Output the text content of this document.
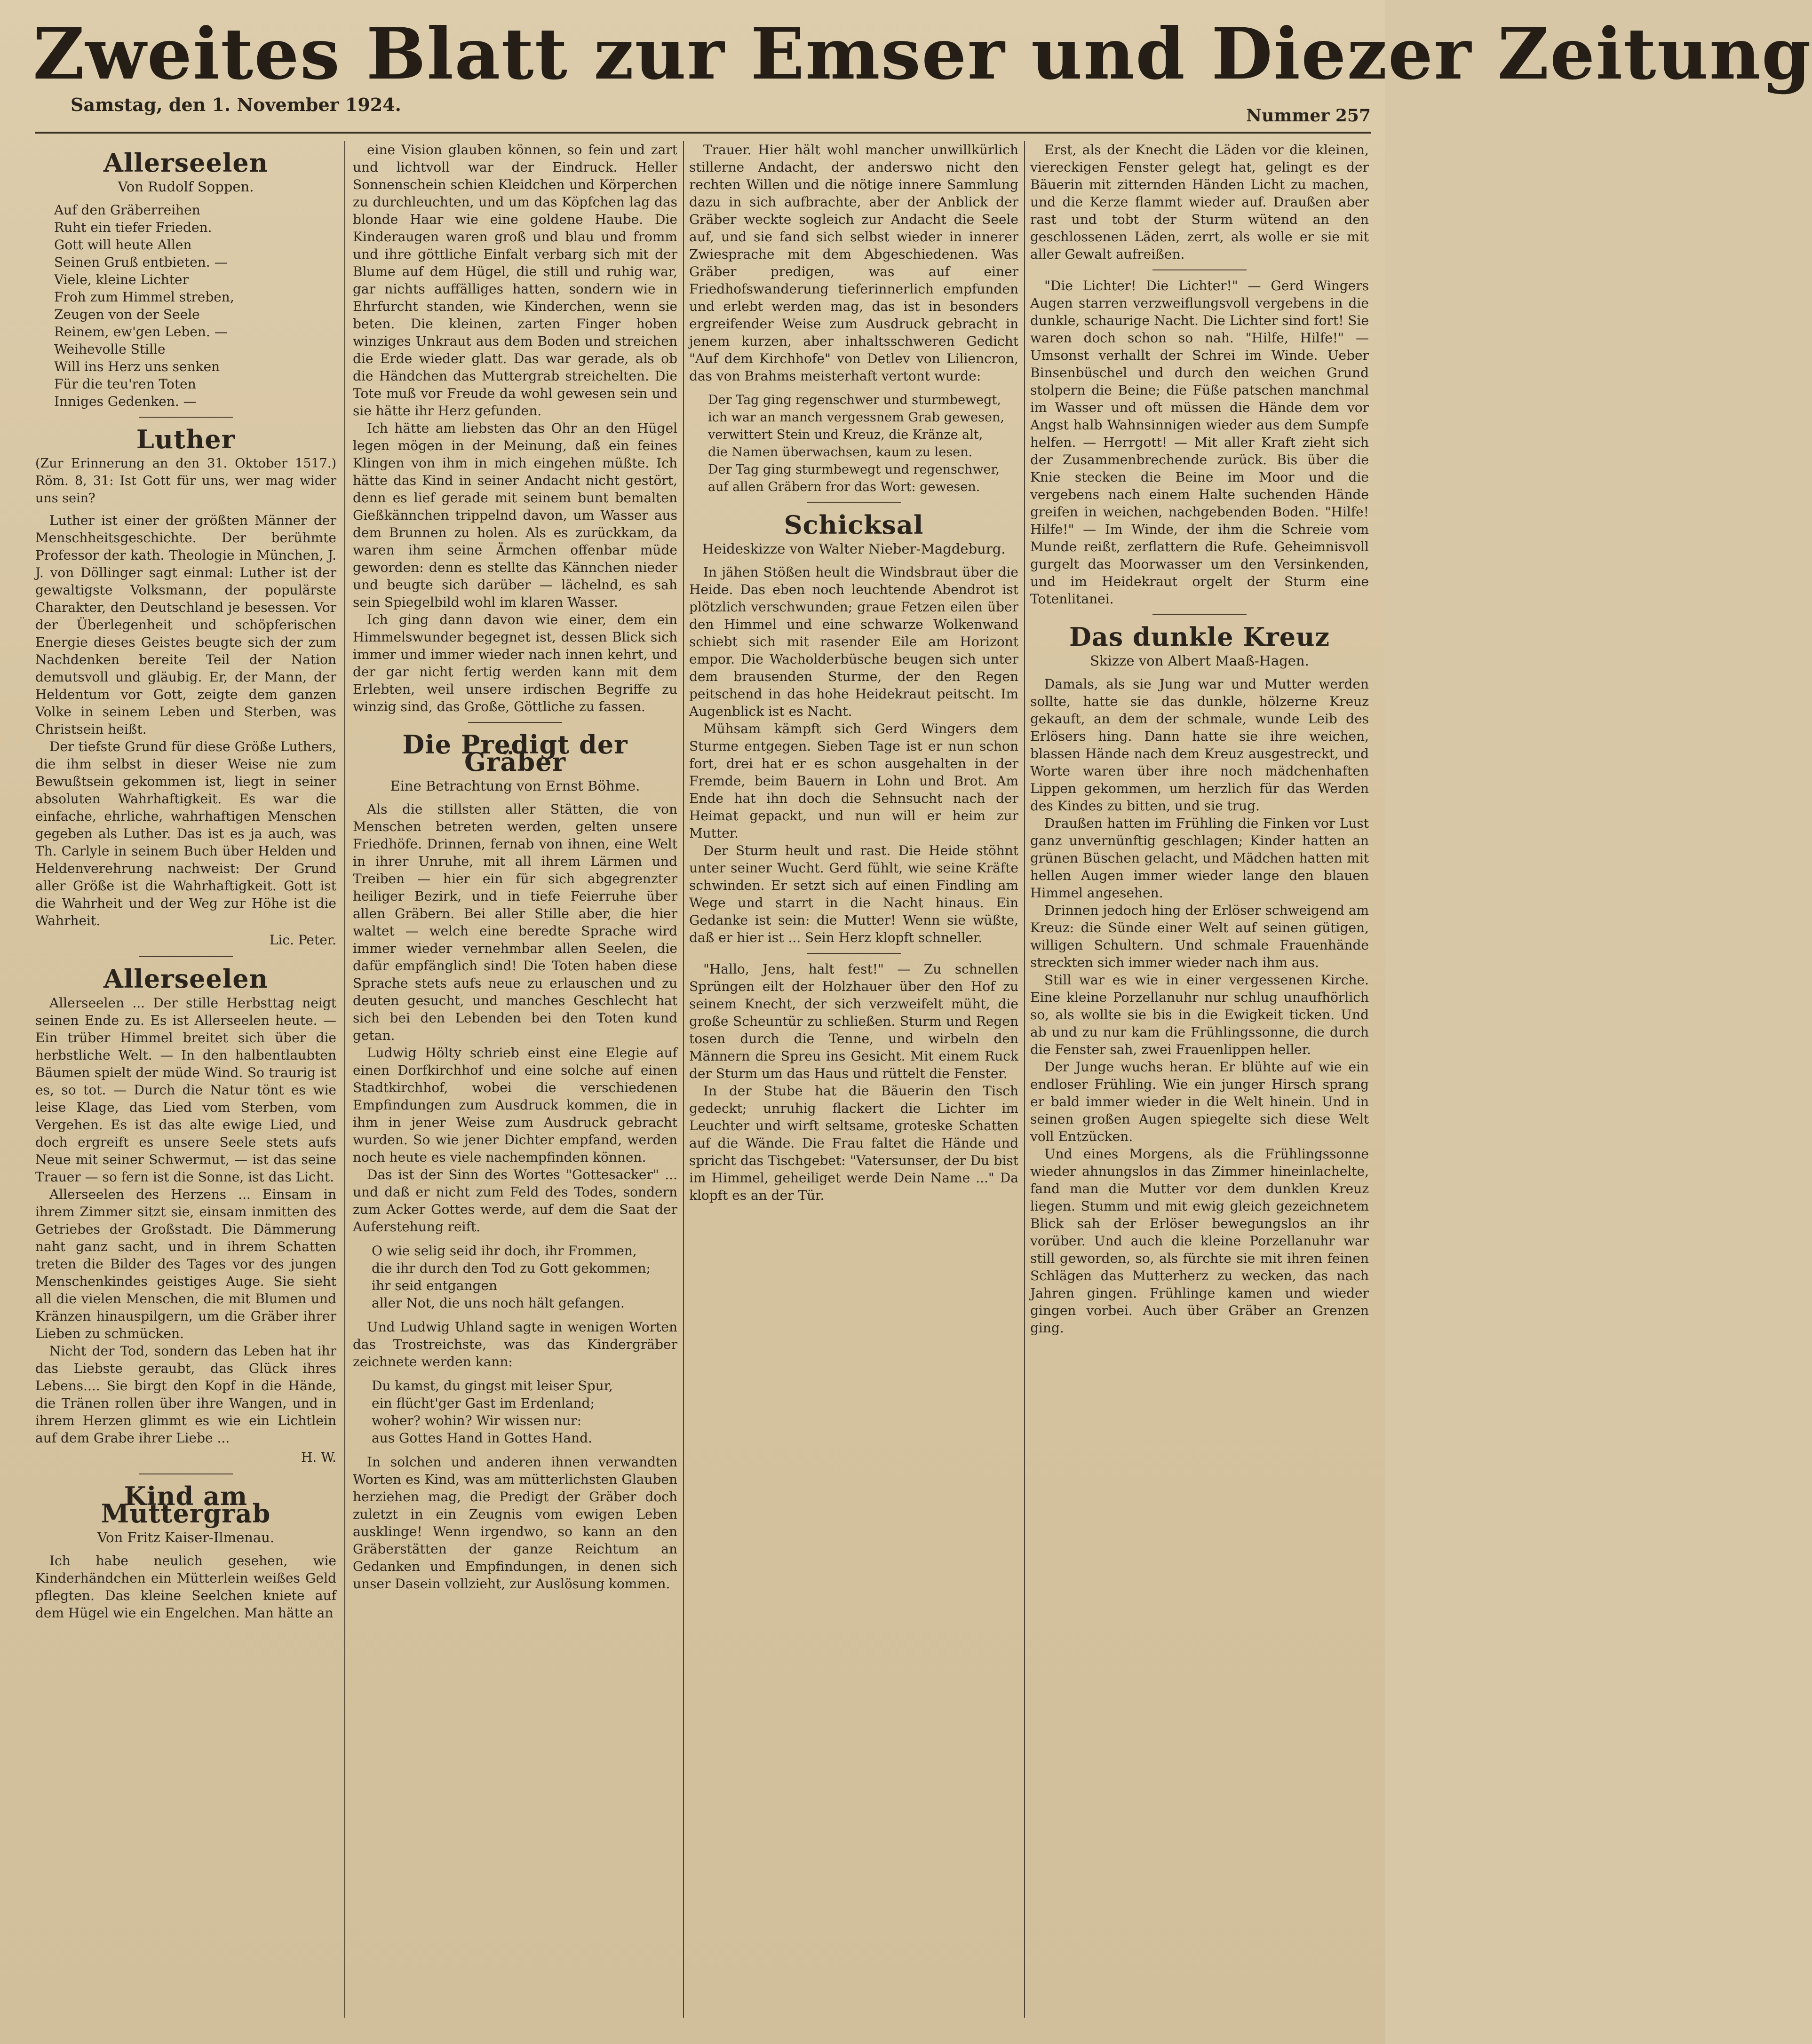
Zweites Blatt zur Emser und Diezer Zeitung
Samstag, den 1. November 1924.
Nummer 257
Allerseelen
Von Rudolf Soppen.
Auf den Gräberreihen
Ruht ein tiefer Frieden.
Gott will heute Allen
Seinen Gruß entbieten. —
Viele, kleine Lichter
Froh zum Himmel streben,
Zeugen von der Seele
Reinem, ew'gen Leben. —
Weihevolle Stille
Will ins Herz uns senken
Für die teu'ren Toten
Inniges Gedenken. —
Luther
(Zur Erinnerung an den 31. Oktober 1517.) Röm. 8, 31: Ist Gott für uns, wer mag wider uns sein?

Luther ist einer der größten Männer der Menschheitsgeschichte. Der berühmte Professor der kath. Theologie in München, J. J. von Döllinger sagt einmal: Luther ist der gewaltigste Volksmann, der populärste Charakter, den Deutschland je besessen. Vor der Überlegenheit und schöpferischen Energie dieses Geistes beugte sich der zum Nachdenken bereite Teil der Nation demutsvoll und gläubig. Er, der Mann, der Heldentum vor Gott, zeigte dem ganzen Volke in seinem Leben und Sterben, was Christsein heißt.

Der tiefste Grund für diese Größe Luthers, die ihm selbst in dieser Weise nie zum Bewußtsein gekommen ist, liegt in seiner absoluten Wahrhaftigkeit. Es war die einfache, ehrliche, wahrhaftigen Menschen gegeben als Luther. Das ist es ja auch, was Th. Carlyle in seinem Buch über Helden und Heldenverehrung nachweist: Der Grund aller Größe ist die Wahrhaftigkeit. Gott ist die Wahrheit und der Weg zur Höhe ist die Wahrheit.

Lic. Peter.
Allerseelen

Allerseelen ... Der stille Herbsttag neigt seinen Ende zu. Es ist Allerseelen heute. — Ein trüber Himmel breitet sich über die herbstliche Welt. — In den halbentlaubten Bäumen spielt der müde Wind. So traurig ist es, so tot. — Durch die Natur tönt es wie leise Klage, das Lied vom Sterben, vom Vergehen. Es ist das alte ewige Lied, und doch ergreift es unsere Seele stets aufs Neue mit seiner Schwermut, — ist das seine Trauer — so fern ist die Sonne, ist das Licht.

Allerseelen des Herzens ... Einsam in ihrem Zimmer sitzt sie, einsam inmitten des Getriebes der Großstadt. Die Dämmerung naht ganz sacht, und in ihrem Schatten treten die Bilder des Tages vor des jungen Menschenkindes geistiges Auge. Sie sieht all die vielen Menschen, die mit Blumen und Kränzen hinauspilgern, um die Gräber ihrer Lieben zu schmücken.

Nicht der Tod, sondern das Leben hat ihr das Liebste geraubt, das Glück ihres Lebens.... Sie birgt den Kopf in die Hände, die Tränen rollen über ihre Wangen, und in ihrem Herzen glimmt es wie ein Lichtlein auf dem Grabe ihrer Liebe ...

H. W.
Kind am Muttergrab
Von Fritz Kaiser-Ilmenau.

Ich habe neulich gesehen, wie Kinderhändchen ein Mütterlein weißes Geld pflegten. Das kleine Seelchen kniete auf dem Hügel wie ein Engelchen. Man hätte an

eine Vision glauben können, so fein und zart und lichtvoll war der Eindruck. Heller Sonnenschein schien Kleidchen und Körperchen zu durchleuchten, und um das Köpfchen lag das blonde Haar wie eine goldene Haube. Die Kinderaugen waren groß und blau und fromm und ihre göttliche Einfalt verbarg sich mit der Blume auf dem Hügel, die still und ruhig war, gar nichts auffälliges hatten, sondern wie in Ehrfurcht standen, wie Kinderchen, wenn sie beten. Die kleinen, zarten Finger hoben winziges Unkraut aus dem Boden und streichen die Erde wieder glatt. Das war gerade, als ob die Händchen das Muttergrab streichelten. Die Tote muß vor Freude da wohl gewesen sein und sie hätte ihr Herz gefunden.

Ich hätte am liebsten das Ohr an den Hügel legen mögen in der Meinung, daß ein feines Klingen von ihm in mich eingehen müßte. Ich hätte das Kind in seiner Andacht nicht gestört, denn es lief gerade mit seinem bunt bemalten Gießkännchen trippelnd davon, um Wasser aus dem Brunnen zu holen. Als es zurückkam, da waren ihm seine Ärmchen offenbar müde geworden: denn es stellte das Kännchen nieder und beugte sich darüber — lächelnd, es sah sein Spiegelbild wohl im klaren Wasser.

Ich ging dann davon wie einer, dem ein Himmelswunder begegnet ist, dessen Blick sich immer und immer wieder nach innen kehrt, und der gar nicht fertig werden kann mit dem Erlebten, weil unsere irdischen Begriffe zu winzig sind, das Große, Göttliche zu fassen.

Die Predigt der Gräber
Eine Betrachtung von Ernst Böhme.

Als die stillsten aller Stätten, die von Menschen betreten werden, gelten unsere Friedhöfe. Drinnen, fernab von ihnen, eine Welt in ihrer Unruhe, mit all ihrem Lärmen und Treiben — hier ein für sich abgegrenzter heiliger Bezirk, und in tiefe Feierruhe über allen Gräbern. Bei aller Stille aber, die hier waltet — welch eine beredte Sprache wird immer wieder vernehmbar allen Seelen, die dafür empfänglich sind! Die Toten haben diese Sprache stets aufs neue zu erlauschen und zu deuten gesucht, und manches Geschlecht hat sich bei den Lebenden bei den Toten kund getan.

Ludwig Hölty schrieb einst eine Elegie auf einen Dorfkirchhof und eine solche auf einen Stadtkirchhof, wobei die verschiedenen Empfindungen zum Ausdruck kommen, die in ihm in jener Weise zum Ausdruck gebracht wurden. So wie jener Dichter empfand, werden noch heute es viele nachempfinden können.

Das ist der Sinn des Wortes "Gottesacker" ... und daß er nicht zum Feld des Todes, sondern zum Acker Gottes werde, auf dem die Saat der Auferstehung reift.

O wie selig seid ihr doch, ihr Frommen,
die ihr durch den Tod zu Gott gekommen;
ihr seid entgangen
aller Not, die uns noch hält gefangen.

Und Ludwig Uhland sagte in wenigen Worten das Trostreichste, was das Kindergräber zeichnete werden kann:

Du kamst, du gingst mit leiser Spur,
ein flücht'ger Gast im Erdenland;
woher? wohin? Wir wissen nur:
aus Gottes Hand in Gottes Hand.

In solchen und anderen ihnen verwandten Worten es Kind, was am mütterlichsten Glauben herziehen mag, die Predigt der Gräber doch zuletzt in ein Zeugnis vom ewigen Leben ausklinge! Wenn irgendwo, so kann an den Gräberstätten der ganze Reichtum an Gedanken und Empfindungen, in denen sich unser Dasein vollzieht, zur Auslösung kommen.

Trauer. Hier hält wohl mancher unwillkürlich stillerne Andacht, der anderswo nicht den rechten Willen und die nötige innere Sammlung dazu in sich aufbrachte, aber der Anblick der Gräber weckte sogleich zur Andacht die Seele auf, und sie fand sich selbst wieder in innerer Zwiesprache mit dem Abgeschiedenen. Was Gräber predigen, was auf einer Friedhofswanderung tieferinnerlich empfunden und erlebt werden mag, das ist in besonders ergreifender Weise zum Ausdruck gebracht in jenem kurzen, aber inhaltsschweren Gedicht "Auf dem Kirchhofe" von Detlev von Liliencron, das von Brahms meisterhaft vertont wurde:

Der Tag ging regenschwer und sturmbewegt,
ich war an manch vergessnem Grab gewesen,
verwittert Stein und Kreuz, die Kränze alt,
die Namen überwachsen, kaum zu lesen.
Der Tag ging sturmbewegt und regenschwer,
auf allen Gräbern fror das Wort: gewesen.
Schicksal
Heideskizze von Walter Nieber-Magdeburg.

In jähen Stößen heult die Windsbraut über die Heide. Das eben noch leuchtende Abendrot ist plötzlich verschwunden; graue Fetzen eilen über den Himmel und eine schwarze Wolkenwand schiebt sich mit rasender Eile am Horizont empor. Die Wacholderbüsche beugen sich unter dem brausenden Sturme, der den Regen peitschend in das hohe Heidekraut peitscht. Im Augenblick ist es Nacht.

Mühsam kämpft sich Gerd Wingers dem Sturme entgegen. Sieben Tage ist er nun schon fort, drei hat er es schon ausgehalten in der Fremde, beim Bauern in Lohn und Brot. Am Ende hat ihn doch die Sehnsucht nach der Heimat gepackt, und nun will er heim zur Mutter.

Der Sturm heult und rast. Die Heide stöhnt unter seiner Wucht. Gerd fühlt, wie seine Kräfte schwinden. Er setzt sich auf einen Findling am Wege und starrt in die Nacht hinaus. Ein Gedanke ist sein: die Mutter! Wenn sie wüßte, daß er hier ist ... Sein Herz klopft schneller.

"Hallo, Jens, halt fest!" — Zu schnellen Sprüngen eilt der Holzhauer über den Hof zu seinem Knecht, der sich verzweifelt müht, die große Scheuntür zu schließen. Sturm und Regen tosen durch die Tenne, und wirbeln den Männern die Spreu ins Gesicht. Mit einem Ruck der Sturm um das Haus und rüttelt die Fenster.

In der Stube hat die Bäuerin den Tisch gedeckt; unruhig flackert die Lichter im Leuchter und wirft seltsame, groteske Schatten auf die Wände. Die Frau faltet die Hände und spricht das Tischgebet: "Vatersunser, der Du bist im Himmel, geheiliget werde Dein Name ..." Da klopft es an der Tür.

Erst, als der Knecht die Läden vor die kleinen, viereckigen Fenster gelegt hat, gelingt es der Bäuerin mit zitternden Händen Licht zu machen, und die Kerze flammt wieder auf. Draußen aber rast und tobt der Sturm wütend an den geschlossenen Läden, zerrt, als wolle er sie mit aller Gewalt aufreißen.

"Die Lichter! Die Lichter!" — Gerd Wingers Augen starren verzweiflungsvoll vergebens in die dunkle, schaurige Nacht. Die Lichter sind fort! Sie waren doch schon so nah. "Hilfe, Hilfe!" — Umsonst verhallt der Schrei im Winde. Ueber Binsenbüschel und durch den weichen Grund stolpern die Beine; die Füße patschen manchmal im Wasser und oft müssen die Hände dem vor Angst halb Wahnsinnigen wieder aus dem Sumpfe helfen. — Herrgott! — Mit aller Kraft zieht sich der Zusammenbrechende zurück. Bis über die Knie stecken die Beine im Moor und die vergebens nach einem Halte suchenden Hände greifen in weichen, nachgebenden Boden. "Hilfe! Hilfe!" — Im Winde, der ihm die Schreie vom Munde reißt, zerflattern die Rufe. Geheimnisvoll gurgelt das Moorwasser um den Versinkenden, und im Heidekraut orgelt der Sturm eine Totenlitanei.

Das dunkle Kreuz
Skizze von Albert Maaß-Hagen.

Damals, als sie Jung war und Mutter werden sollte, hatte sie das dunkle, hölzerne Kreuz gekauft, an dem der schmale, wunde Leib des Erlösers hing. Dann hatte sie ihre weichen, blassen Hände nach dem Kreuz ausgestreckt, und Worte waren über ihre noch mädchenhaften Lippen gekommen, um herzlich für das Werden des Kindes zu bitten, und sie trug.

Draußen hatten im Frühling die Finken vor Lust ganz unvernünftig geschlagen; Kinder hatten an grünen Büschen gelacht, und Mädchen hatten mit hellen Augen immer wieder lange den blauen Himmel angesehen.

Drinnen jedoch hing der Erlöser schweigend am Kreuz: die Sünde einer Welt auf seinen gütigen, willigen Schultern. Und schmale Frauenhände streckten sich immer wieder nach ihm aus.

Still war es wie in einer vergessenen Kirche. Eine kleine Porzellanuhr nur schlug unaufhörlich so, als wollte sie bis in die Ewigkeit ticken. Und ab und zu nur kam die Frühlingssonne, die durch die Fenster sah, zwei Frauenlippen heller.

Der Junge wuchs heran. Er blühte auf wie ein endloser Frühling. Wie ein junger Hirsch sprang er bald immer wieder in die Welt hinein. Und in seinen großen Augen spiegelte sich diese Welt voll Entzücken.

Und eines Morgens, als die Frühlingssonne wieder ahnungslos in das Zimmer hineinlachelte, fand man die Mutter vor dem dunklen Kreuz liegen. Stumm und mit ewig gleich gezeichnetem Blick sah der Erlöser bewegungslos an ihr vorüber. Und auch die kleine Porzellanuhr war still geworden, so, als fürchte sie mit ihren feinen Schlägen das Mutterherz zu wecken, das nach Jahren gingen. Frühlinge kamen und wieder gingen vorbei. Auch über Gräber an Grenzen ging.
